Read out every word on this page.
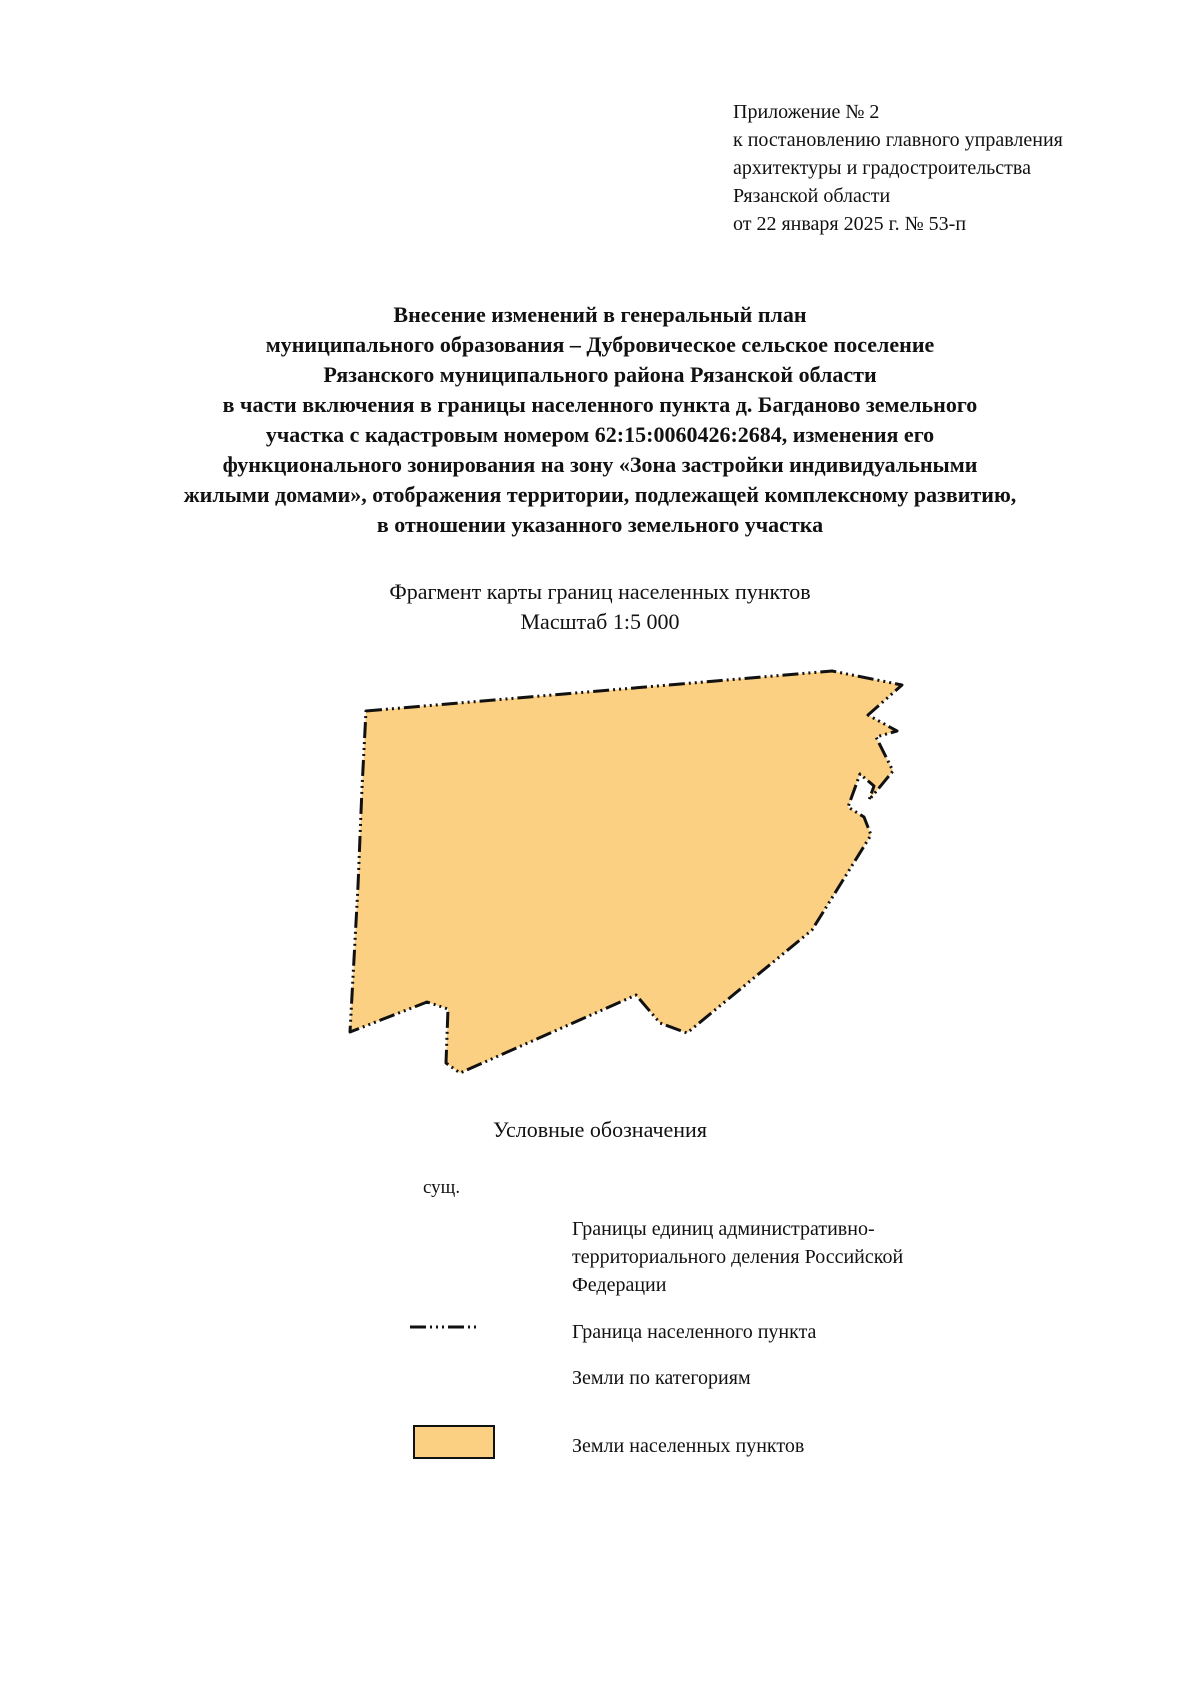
Приложение № 2
к постановлению главного управления
архитектуры и градостроительства
Рязанской области
от 22 января 2025 г. № 53-п
Внесение изменений в генеральный план
муниципального образования – Дубровическое сельское поселение
Рязанского муниципального района Рязанской области
в части включения в границы населенного пункта д. Багданово земельного
участка с кадастровым номером 62:15:0060426:2684, изменения его
функционального зонирования на зону «Зона застройки индивидуальными
жилыми домами», отображения территории, подлежащей комплексному развитию,
в отношении указанного земельного участка
Фрагмент карты границ населенных пунктов
Масштаб 1:5 000
Условные обозначения
сущ.
Границы единиц административно-
территориального деления Российской
Федерации
Граница населенного пункта
Земли по категориям
Земли населенных пунктов
